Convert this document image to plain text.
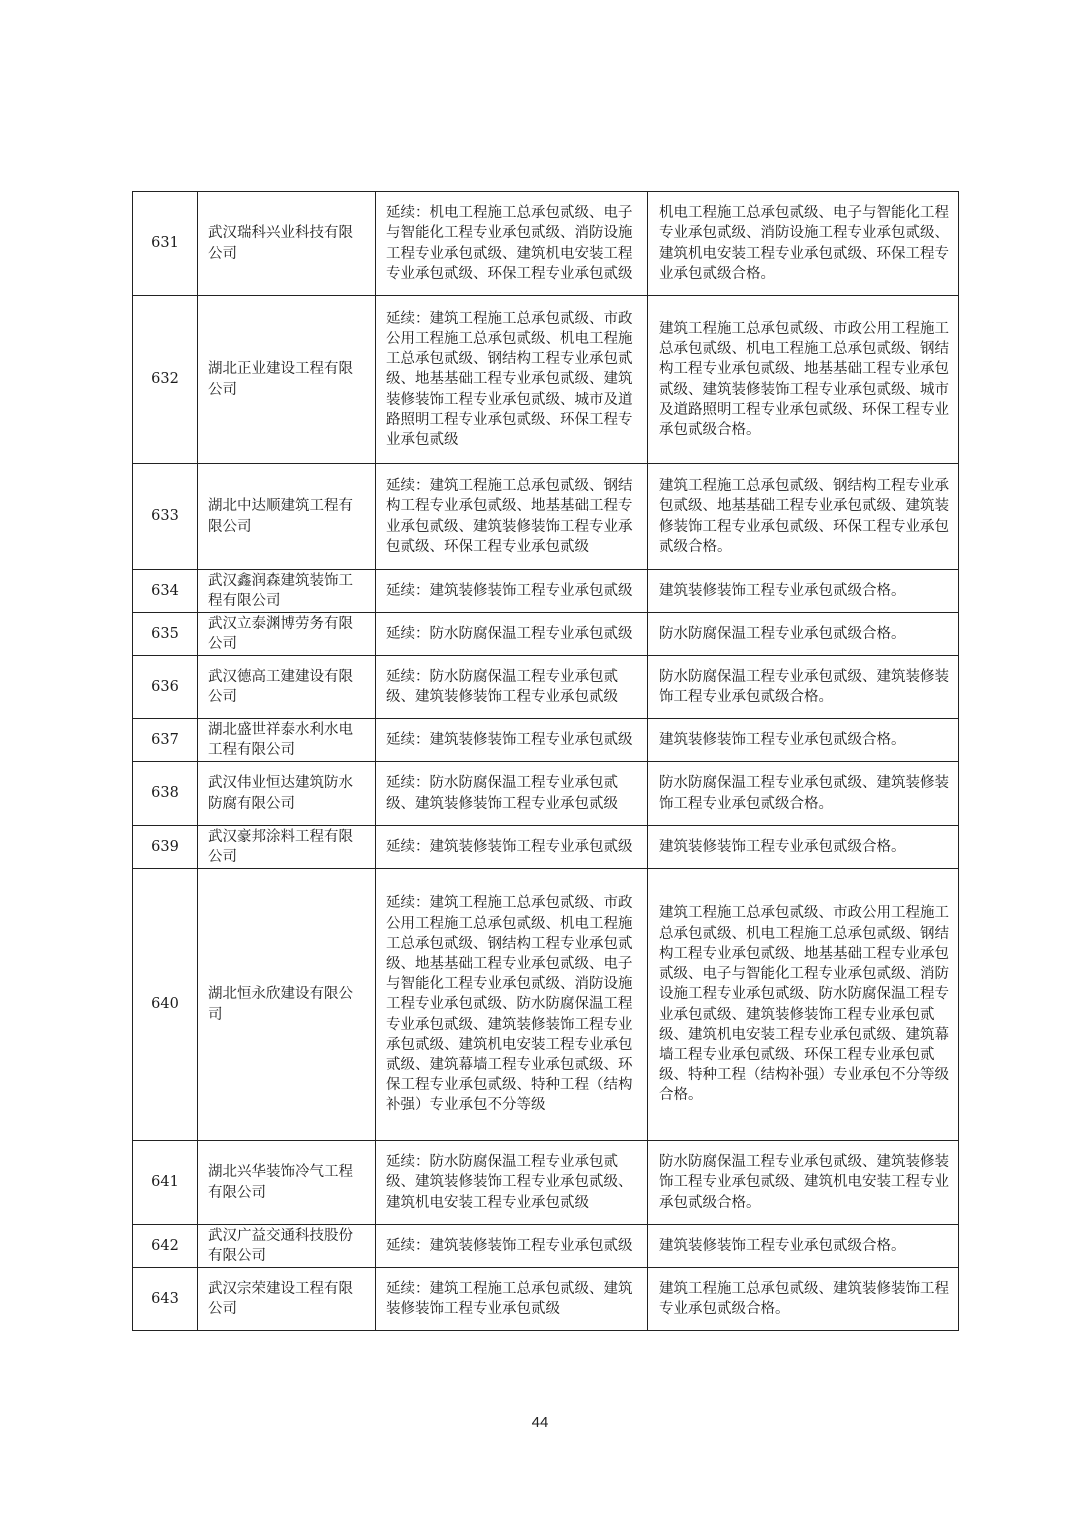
631	武汉瑞科兴业科技有限公司	延续：机电工程施工总承包贰级、电子与智能化工程专业承包贰级、消防设施工程专业承包贰级、建筑机电安装工程专业承包贰级、环保工程专业承包贰级	机电工程施工总承包贰级、电子与智能化工程专业承包贰级、消防设施工程专业承包贰级、建筑机电安装工程专业承包贰级、环保工程专业承包贰级合格。
632	湖北正业建设工程有限公司	延续：建筑工程施工总承包贰级、市政公用工程施工总承包贰级、机电工程施工总承包贰级、钢结构工程专业承包贰级、地基基础工程专业承包贰级、建筑装修装饰工程专业承包贰级、城市及道路照明工程专业承包贰级、环保工程专业承包贰级	建筑工程施工总承包贰级、市政公用工程施工总承包贰级、机电工程施工总承包贰级、钢结构工程专业承包贰级、地基基础工程专业承包贰级、建筑装修装饰工程专业承包贰级、城市及道路照明工程专业承包贰级、环保工程专业承包贰级合格。
633	湖北中达顺建筑工程有限公司	延续：建筑工程施工总承包贰级、钢结构工程专业承包贰级、地基基础工程专业承包贰级、建筑装修装饰工程专业承包贰级、环保工程专业承包贰级	建筑工程施工总承包贰级、钢结构工程专业承包贰级、地基基础工程专业承包贰级、建筑装修装饰工程专业承包贰级、环保工程专业承包贰级合格。
634	武汉鑫润森建筑装饰工程有限公司	延续：建筑装修装饰工程专业承包贰级	建筑装修装饰工程专业承包贰级合格。
635	武汉立泰渊博劳务有限公司	延续：防水防腐保温工程专业承包贰级	防水防腐保温工程专业承包贰级合格。
636	武汉德高工建建设有限公司	延续：防水防腐保温工程专业承包贰级、建筑装修装饰工程专业承包贰级	防水防腐保温工程专业承包贰级、建筑装修装饰工程专业承包贰级合格。
637	湖北盛世祥泰水利水电工程有限公司	延续：建筑装修装饰工程专业承包贰级	建筑装修装饰工程专业承包贰级合格。
638	武汉伟业恒达建筑防水防腐有限公司	延续：防水防腐保温工程专业承包贰级、建筑装修装饰工程专业承包贰级	防水防腐保温工程专业承包贰级、建筑装修装饰工程专业承包贰级合格。
639	武汉豪邦涂料工程有限公司	延续：建筑装修装饰工程专业承包贰级	建筑装修装饰工程专业承包贰级合格。
640	湖北恒永欣建设有限公司	延续：建筑工程施工总承包贰级、市政公用工程施工总承包贰级、机电工程施工总承包贰级、钢结构工程专业承包贰级、地基基础工程专业承包贰级、电子与智能化工程专业承包贰级、消防设施工程专业承包贰级、防水防腐保温工程专业承包贰级、建筑装修装饰工程专业承包贰级、建筑机电安装工程专业承包贰级、建筑幕墙工程专业承包贰级、环保工程专业承包贰级、特种工程（结构补强）专业承包不分等级	建筑工程施工总承包贰级、市政公用工程施工总承包贰级、机电工程施工总承包贰级、钢结构工程专业承包贰级、地基基础工程专业承包贰级、电子与智能化工程专业承包贰级、消防设施工程专业承包贰级、防水防腐保温工程专业承包贰级、建筑装修装饰工程专业承包贰级、建筑机电安装工程专业承包贰级、建筑幕墙工程专业承包贰级、环保工程专业承包贰级、特种工程（结构补强）专业承包不分等级合格。
641	湖北兴华装饰冷气工程有限公司	延续：防水防腐保温工程专业承包贰级、建筑装修装饰工程专业承包贰级、建筑机电安装工程专业承包贰级	防水防腐保温工程专业承包贰级、建筑装修装饰工程专业承包贰级、建筑机电安装工程专业承包贰级合格。
642	武汉广益交通科技股份有限公司	延续：建筑装修装饰工程专业承包贰级	建筑装修装饰工程专业承包贰级合格。
643	武汉宗荣建设工程有限公司	延续：建筑工程施工总承包贰级、建筑装修装饰工程专业承包贰级	建筑工程施工总承包贰级、建筑装修装饰工程专业承包贰级合格。
44
